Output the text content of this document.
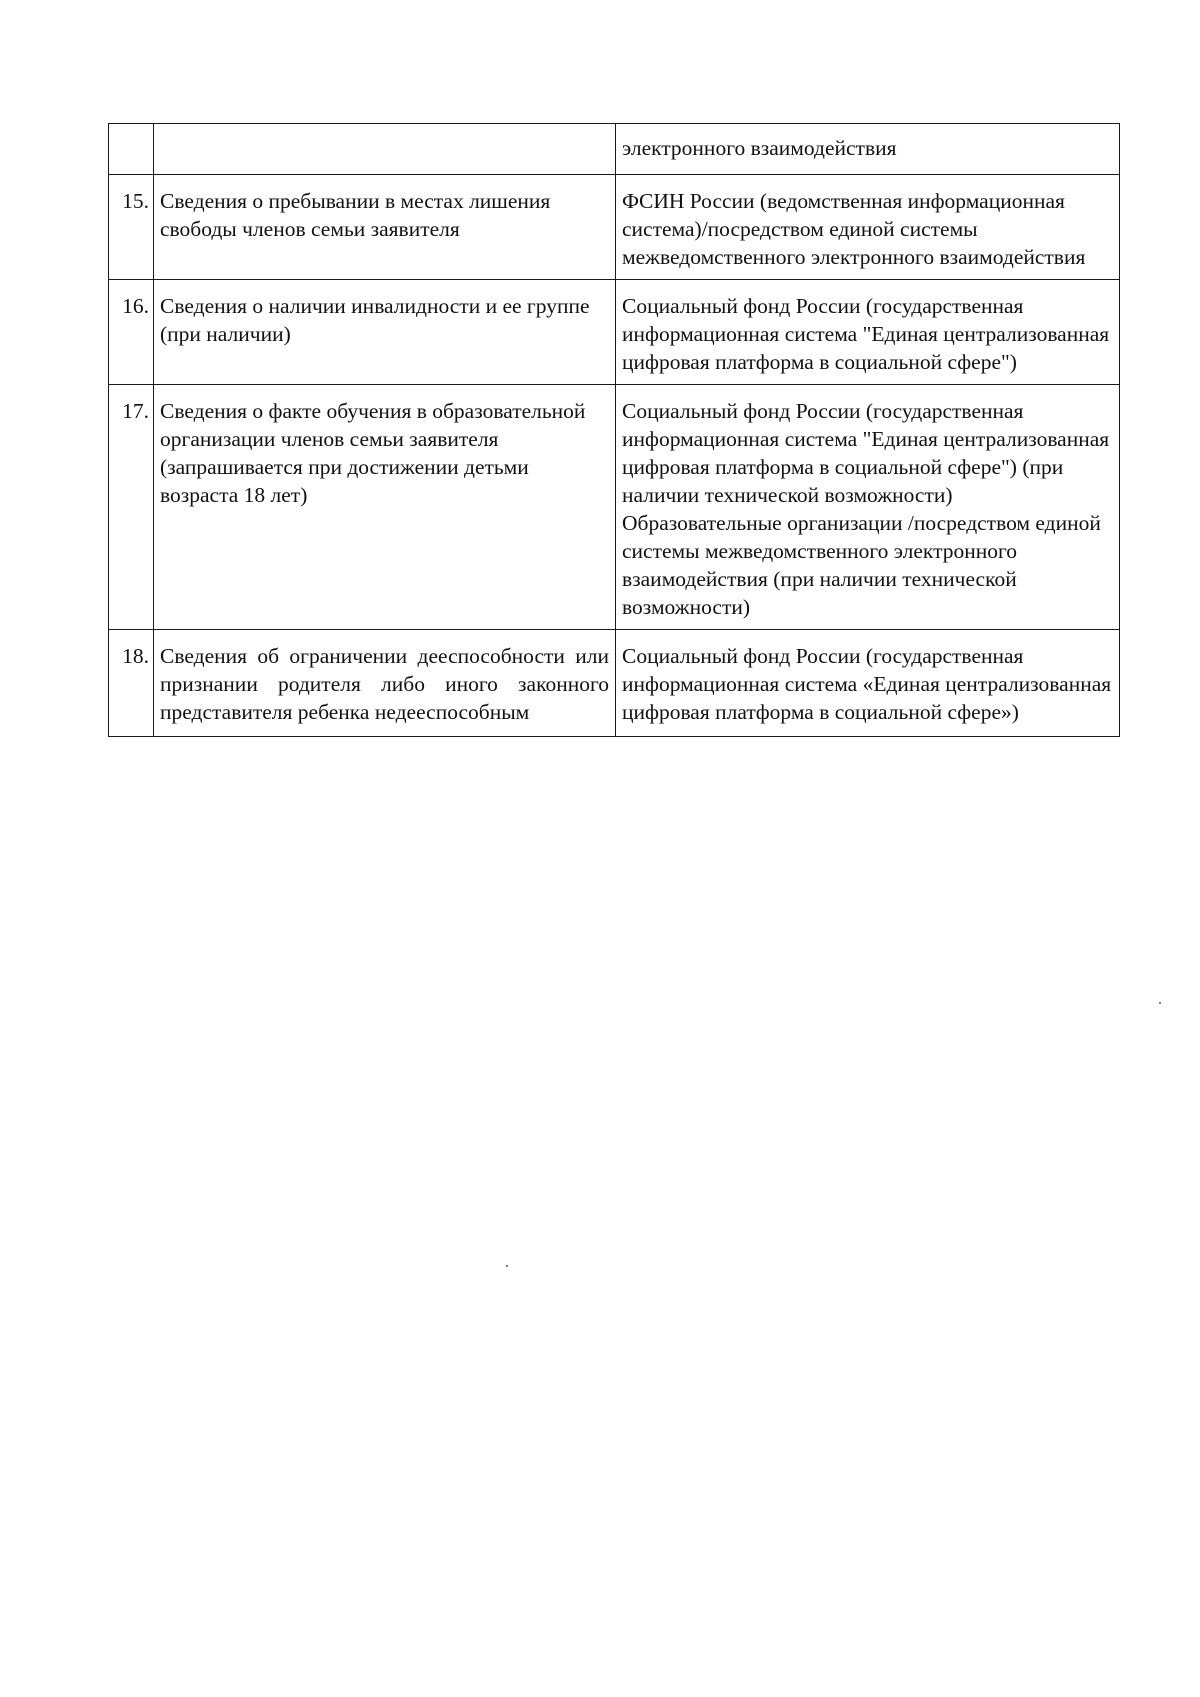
		электронного взаимодействия
15.	Сведения о пребывании в местах лишения свободы членов семьи заявителя	ФСИН России (ведомственная информационная система)/посредством единой системы межведомственного электронного взаимодействия
16.	Сведения о наличии инвалидности и ее группе (при наличии)	Социальный фонд России (государственная информационная система "Единая централизованная цифровая платформа в социальной сфере")
17.	Сведения о факте обучения в образовательной организации членов семьи заявителя (запрашивается при достижении детьми возраста 18 лет)	Социальный фонд России (государственная информационная система "Единая централизованная цифровая платформа в социальной сфере") (при наличии технической возможности)
Образовательные организации /посредством единой системы межведомственного электронного взаимодействия (при наличии технической возможности)

18.	Сведения об ограничении дееспособности или признании родителя либо иного законного представителя ребенка недееспособным	Социальный фонд России (государственная информационная система «Единая централизованная цифровая платформа в социальной сфере»)
